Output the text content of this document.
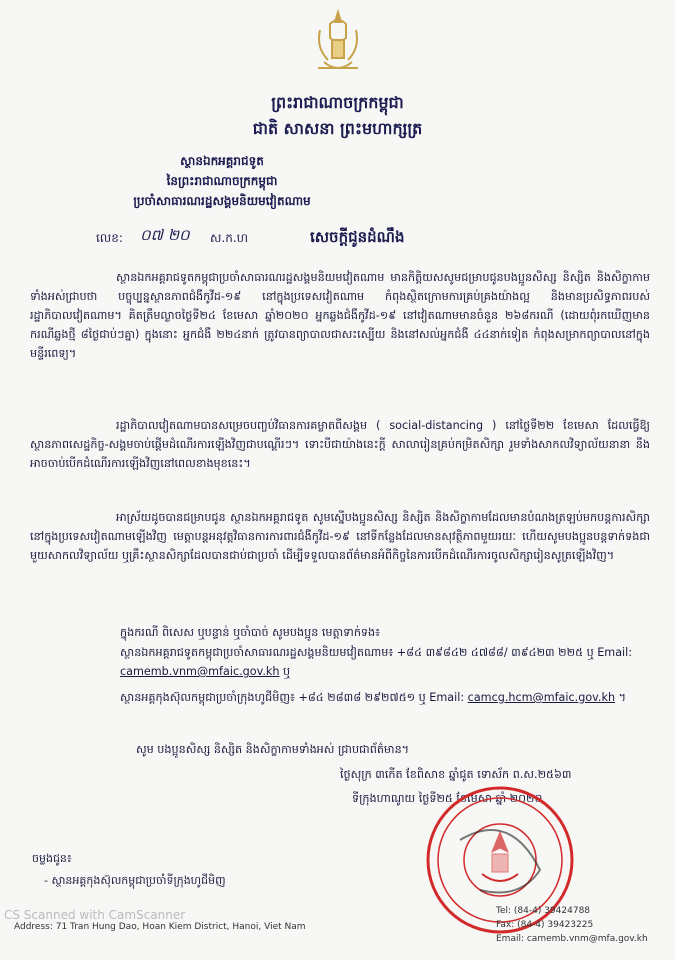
ព្រះរាជាណាចក្រកម្ពុជា
ជាតិ សាសនា ព្រះមហាក្សត្រ
ស្ថានឯកអគ្គរាជទូត
នៃព្រះរាជាណាចក្រកម្ពុជា
ប្រចាំសាធារណរដ្ឋសង្គមនិយមវៀតណាម
លេខ: ០៧ ២០ ស.ក.ហ	សេចក្តីជូនដំណឹង
ស្ថានឯកអគ្គរាជទូតកម្ពុជាប្រចាំសាធារណរដ្ឋសង្គមនិយមវៀតណាម មានកិត្តិយសសូមជម្រាបជូនបងប្អូនសិស្ស និស្សិត និងសិក្ខាកាមទាំងអស់ជ្រាបថា បច្ចុប្បន្នស្ថានភាពជំងឺកូវីដ-១៩ នៅក្នុងប្រទេសវៀតណាម កំពុងស្ថិតក្រោមការគ្រប់គ្រងយ៉ាងល្អ និងមានប្រសិទ្ធភាពរបស់រដ្ឋាភិបាលវៀតណាម។ គិតត្រឹមល្ងាចថ្ងៃទី២៤ ខែមេសា ឆ្នាំ២០២០ អ្នកឆ្លងជំងឺកូវីដ-១៩ នៅវៀតណាមមានចំនួន ២៦៨ករណី (ដោយពុំរកឃើញមានករណីឆ្លងថ្មី ៨ថ្ងៃជាប់ៗគ្នា) ក្នុងនោះ អ្នកជំងឺ ២២៤នាក់ ត្រូវបានព្យាបាលជាសះស្បើយ និងនៅសល់អ្នកជំងឺ ៤៤នាក់ទៀត កំពុងសម្រាកព្យាបាលនៅក្នុងមន្ទីរពេទ្យ។
រដ្ឋាភិបាលវៀតណាមបានសម្រេចបញ្ចប់វិធានការគម្លាតពីសង្គម ( social-distancing ) នៅថ្ងៃទី២២ ខែមេសា ដែលធ្វើឱ្យស្ថានភាពសេដ្ឋកិច្ច-សង្គមចាប់ផ្តើមដំណើរការឡើងវិញជាបណ្តើរៗ។ ទោះបីជាយ៉ាងនេះក្តី សាលារៀនគ្រប់កម្រិតសិក្សា រួមទាំងសាកលវិទ្យាល័យនានា នឹងអាចចាប់បើកដំណើរការឡើងវិញនៅពេលខាងមុខនេះ។
អាស្រ័យដូចបានជម្រាបជូន ស្ថានឯកអគ្គរាជទូត សូមស្នើបងប្អូនសិស្ស និស្សិត និងសិក្ខាកាមដែលមានបំណងត្រឡប់មកបន្តការសិក្សានៅក្នុងប្រទេសវៀតណាមឡើងវិញ មេត្តាបន្តអនុវត្តវិធានការការពារជំងឺកូវីដ-១៩ នៅទីកន្លែងដែលមានសុវត្ថិភាពមួយរយៈ ហើយសូមបងប្អូនបន្តទាក់ទងជាមួយសាកលវិទ្យាល័យ ឬគ្រឹះស្ថានសិក្សាដែលបានជាប់ជាប្រចាំ ដើម្បីទទួលបានព័ត៌មានអំពីកិច្ចនៃការបើកដំណើរការចូលសិក្សារៀនសូត្រឡើងវិញ។
ក្នុងករណី ពិសេស ឬបន្ទាន់ ឬចាំបាច់ សូមបងប្អូន មេត្តាទាក់ទង៖
ស្ថានឯកអគ្គរាជទូតកម្ពុជាប្រចាំសាធារណរដ្ឋសង្គមនិយមវៀតណាម៖ +៨៤ ៣៩៨៤២ ៤៧៨៨/ ៣៩៤២៣ ២២៥ ឬ Email: camemb.vnm@mfaic.gov.kh ឬ
ស្ថានអគ្គកុងស៊ុលកម្ពុជាប្រចាំក្រុងហូជីមិញ៖ +៨៤ ២៨៣៨ ២៩២៧៥១ ឬ Email: camcg.hcm@mfaic.gov.kh ។
សូម បងប្អូនសិស្ស និស្សិត និងសិក្ខាកាមទាំងអស់ ជ្រាបជាព័ត៌មាន។
ថ្ងៃសុក្រ ៣កើត ខែពិសាខ ឆ្នាំជូត ទោស័ក ព.ស.២៥៦៣
ទីក្រុងហាណូយ ថ្ងៃទី២៥ ខែមេសា ឆ្នាំ ២០២០
ចម្លងជូន៖
- ស្ថានអគ្គកុងស៊ុលកម្ពុជាប្រចាំទីក្រុងហូជីមិញ
Address: 71 Tran Hung Dao, Hoan Kiem District, Hanoi, Viet Nam
Tel: (84-4) 39424788
Fax: (84-4) 39423225
Email: camemb.vnm@mfa.gov.kh
CS Scanned with CamScanner
